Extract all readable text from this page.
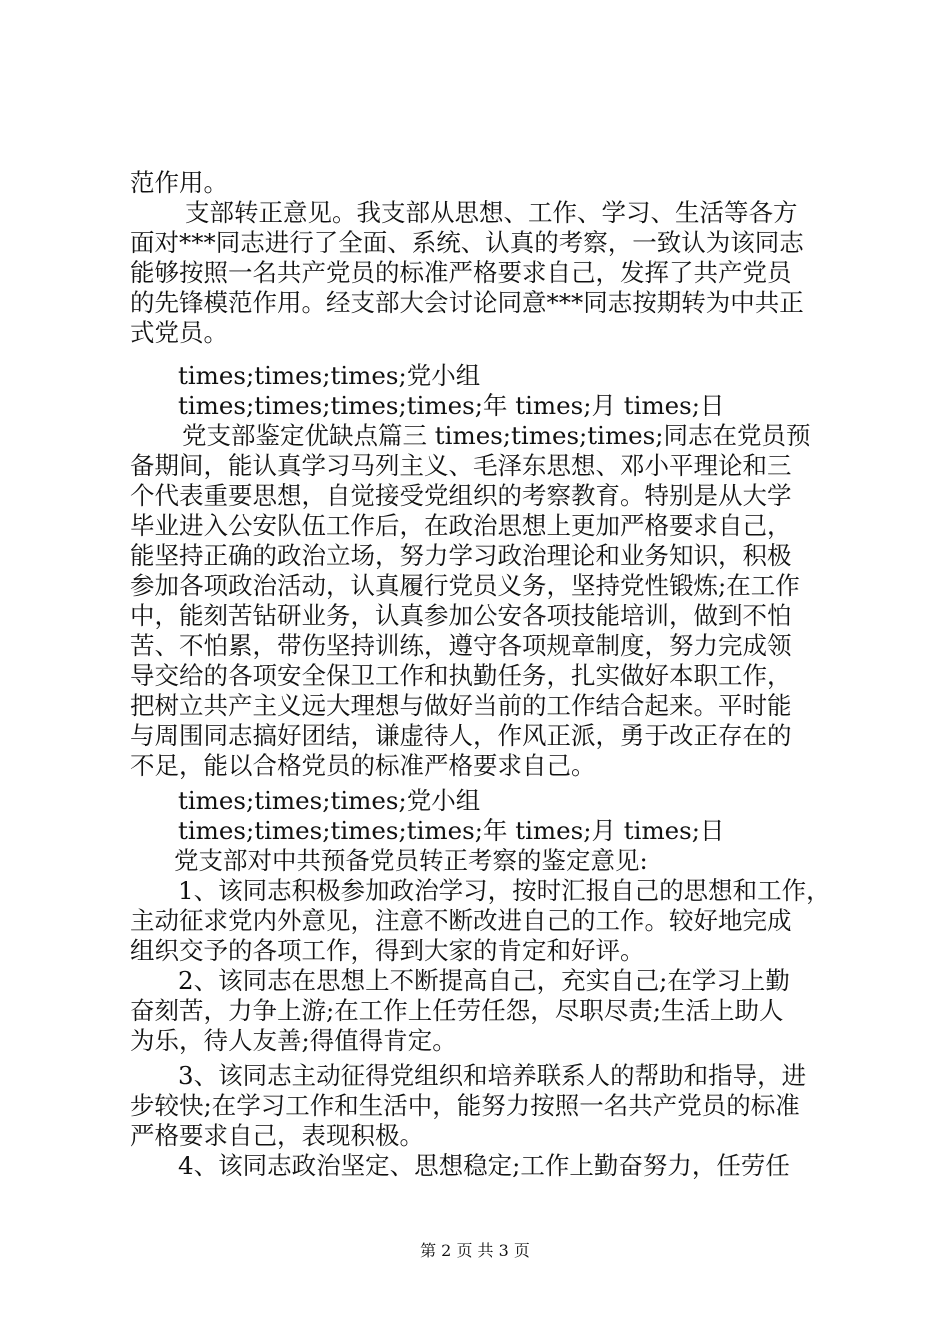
范作用。
支部转正意见。我支部从思想、工作、学习、生活等各方
面对***同志进行了全面、系统、认真的考察，一致认为该同志
能够按照一名共产党员的标准严格要求自己，发挥了共产党员
的先锋模范作用。经支部大会讨论同意***同志按期转为中共正
式党员。
times;times;times;党小组
times;times;times;times;年 times;月 times;日
党支部鉴定优缺点篇三 times;times;times;同志在党员预
备期间，能认真学习马列主义、毛泽东思想、邓小平理论和三
个代表重要思想，自觉接受党组织的考察教育。特别是从大学
毕业进入公安队伍工作后，在政治思想上更加严格要求自己，
能坚持正确的政治立场，努力学习政治理论和业务知识，积极
参加各项政治活动，认真履行党员义务，坚持党性锻炼;在工作
中，能刻苦钻研业务，认真参加公安各项技能培训，做到不怕
苦、不怕累，带伤坚持训练，遵守各项规章制度，努力完成领
导交给的各项安全保卫工作和执勤任务，扎实做好本职工作，
把树立共产主义远大理想与做好当前的工作结合起来。平时能
与周围同志搞好团结，谦虚待人，作风正派，勇于改正存在的
不足，能以合格党员的标准严格要求自己。
times;times;times;党小组
times;times;times;times;年 times;月 times;日
党支部对中共预备党员转正考察的鉴定意见:
1、该同志积极参加政治学习，按时汇报自己的思想和工作，
主动征求党内外意见，注意不断改进自己的工作。较好地完成
组织交予的各项工作，得到大家的肯定和好评。
2、该同志在思想上不断提高自己，充实自己;在学习上勤
奋刻苦，力争上游;在工作上任劳任怨，尽职尽责;生活上助人
为乐，待人友善;得值得肯定。
3、该同志主动征得党组织和培养联系人的帮助和指导，进
步较快;在学习工作和生活中，能努力按照一名共产党员的标准
严格要求自己，表现积极。
4、该同志政治坚定、思想稳定;工作上勤奋努力，任劳任
第 2 页 共 3 页
